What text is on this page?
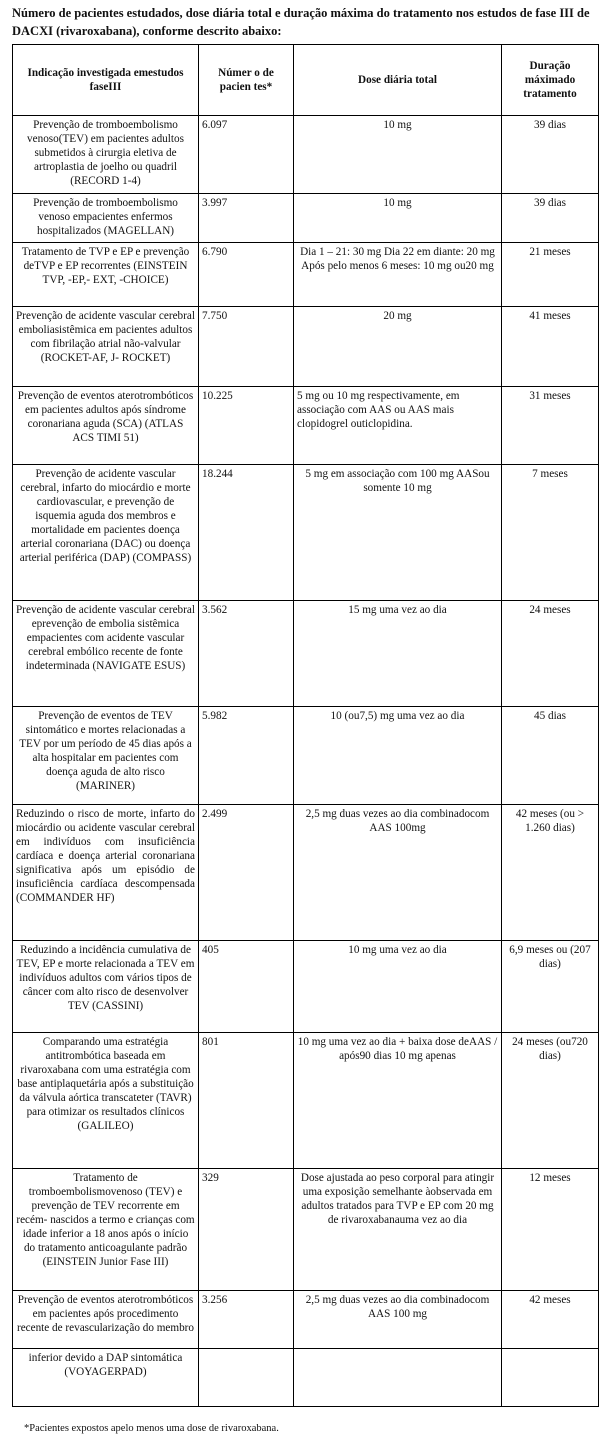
Número de pacientes estudados, dose diária total e duração máxima do tratamento nos estudos de fase III de DACXI (rivaroxabana), conforme descrito abaixo:
Indicação investigada emestudos faseIII	Númer o de pacien tes*	Dose diária total	Duração máximado tratamento
Prevenção de tromboembolismo venoso(TEV) em pacientes adultos submetidos à cirurgia eletiva de artroplastia de joelho ou quadril (RECORD 1-4)	6.097	10 mg	39 dias
Prevenção de tromboembolismo venoso empacientes enfermos hospitalizados (MAGELLAN)	3.997	10 mg	39 dias
Tratamento de TVP e EP e prevenção deTVP e EP recorrentes (EINSTEIN TVP, -EP,- EXT, -CHOICE)	6.790	Dia 1 – 21: 30 mg Dia 22 em diante: 20 mg Após pelo menos 6 meses: 10 mg ou20 mg	21 meses
Prevenção de acidente vascular cerebral emboliasistêmica em pacientes adultos com fibrilação atrial não-valvular (ROCKET-AF, J- ROCKET)	7.750	20 mg	41 meses
Prevenção de eventos aterotrombóticos em pacientes adultos após síndrome coronariana aguda (SCA) (ATLAS ACS TIMI 51)	10.225	5 mg ou 10 mg respectivamente, em associação com AAS ou AAS mais clopidogrel outiclopidina.	31 meses
Prevenção de acidente vascular cerebral, infarto do miocárdio e morte cardiovascular, e prevenção de isquemia aguda dos membros e mortalidade em pacientes doença arterial coronariana (DAC) ou doença arterial periférica (DAP) (COMPASS)	18.244	5 mg em associação com 100 mg AASou somente 10 mg	7 meses
Prevenção de acidente vascular cerebral eprevenção de embolia sistêmica empacientes com acidente vascular cerebral embólico recente de fonte indeterminada (NAVIGATE ESUS)	3.562	15 mg uma vez ao dia	24 meses
Prevenção de eventos de TEV sintomático e mortes relacionadas a TEV por um período de 45 dias após a alta hospitalar em pacientes com doença aguda de alto risco (MARINER)	5.982	10 (ou7,5) mg uma vez ao dia	45 dias
Reduzindo o risco de morte, infarto do miocárdio ou acidente vascular cerebral em indivíduos com insuficiência cardíaca e doença arterial coronariana significativa após um episódio de insuficiência cardíaca descompensada (COMMANDER HF)	2.499	2,5 mg duas vezes ao dia combinadocom AAS 100mg	42 meses (ou > 1.260 dias)
Reduzindo a incidência cumulativa de TEV, EP e morte relacionada a TEV em indivíduos adultos com vários tipos de câncer com alto risco de desenvolver TEV (CASSINI)	405	10 mg uma vez ao dia	6,9 meses ou (207 dias)
Comparando uma estratégia antitrombótica baseada em rivaroxabana com uma estratégia com base antiplaquetária após a substituição da válvula aórtica transcateter (TAVR) para otimizar os resultados clínicos (GALILEO)	801	10 mg uma vez ao dia + baixa dose deAAS / após90 dias 10 mg apenas	24 meses (ou720 dias)
Tratamento de tromboembolismovenoso (TEV) e prevenção de TEV recorrente em recém- nascidos a termo e crianças com idade inferior a 18 anos após o início do tratamento anticoagulante padrão (EINSTEIN Junior Fase III)	329	Dose ajustada ao peso corporal para atingir uma exposição semelhante àobservada em adultos tratados para TVP e EP com 20 mg de rivaroxabanauma vez ao dia	12 meses
Prevenção de eventos aterotrombóticos em pacientes após procedimento recente de revascularização do membro	3.256	2,5 mg duas vezes ao dia combinadocom AAS 100 mg	42 meses
inferior devido a DAP sintomática (VOYAGERPAD)			
*Pacientes expostos apelo menos uma dose de rivaroxabana.
